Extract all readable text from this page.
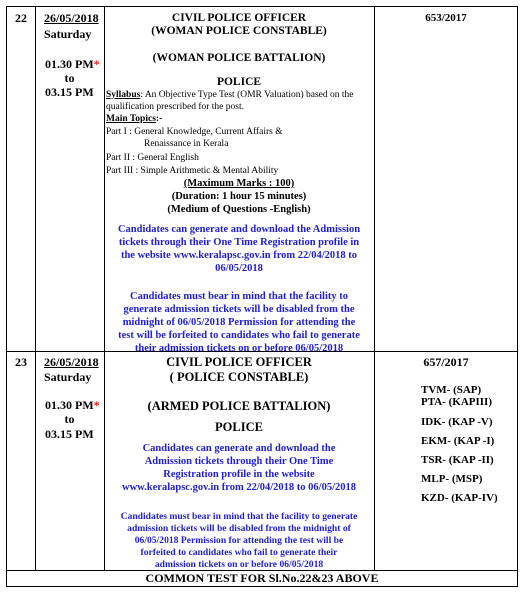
22	26/05/2018
Saturday
01.30 PM*
to
03.15 PM
CIVIL POLICE OFFICER
(WOMAN POLICE CONSTABLE)
(WOMAN POLICE BATTALION)
POLICE
Syllabus: An Objective Type Test (OMR Valuation) based on the
qualification prescribed for the post.
Main Topics:-
Part I : General Knowledge, Current Affairs &
Renaissance in Kerala
Part II : General English
Part III : Simple Arithmetic & Mental Ability
(Maximum Marks : 100)
(Duration: 1 hour 15 minutes)
(Medium of Questions -English)
Candidates can generate and download the Admission
tickets through their One Time Registration profile in
the website www.keralapsc.gov.in from 22/04/2018 to
06/05/2018
Candidates must bear in mind that the facility to
generate admission tickets will be disabled from the
midnight of 06/05/2018 Permission for attending the
test will be forfeited to candidates who fail to generate
their admission tickets on or before 06/05/2018
653/2017
23	26/05/2018
Saturday
01.30 PM*
to
03.15 PM
CIVIL POLICE OFFICER
( POLICE CONSTABLE)
(ARMED POLICE BATTALION)
POLICE
Candidates can generate and download the
Admission tickets through their One Time
Registration profile in the website
www.keralapsc.gov.in from 22/04/2018 to 06/05/2018
Candidates must bear in mind that the facility to generate
admission tickets will be disabled from the midnight of
06/05/2018 Permission for attending the test will be
forfeited to candidates who fail to generate their
admission tickets on or before 06/05/2018
657/2017
TVM- (SAP)
PTA- (KAPIII)
IDK- (KAP -V)
EKM- (KAP -I)
TSR- (KAP -II)
MLP- (MSP)
KZD- (KAP-IV)
COMMON TEST FOR Sl.No.22&23 ABOVE
